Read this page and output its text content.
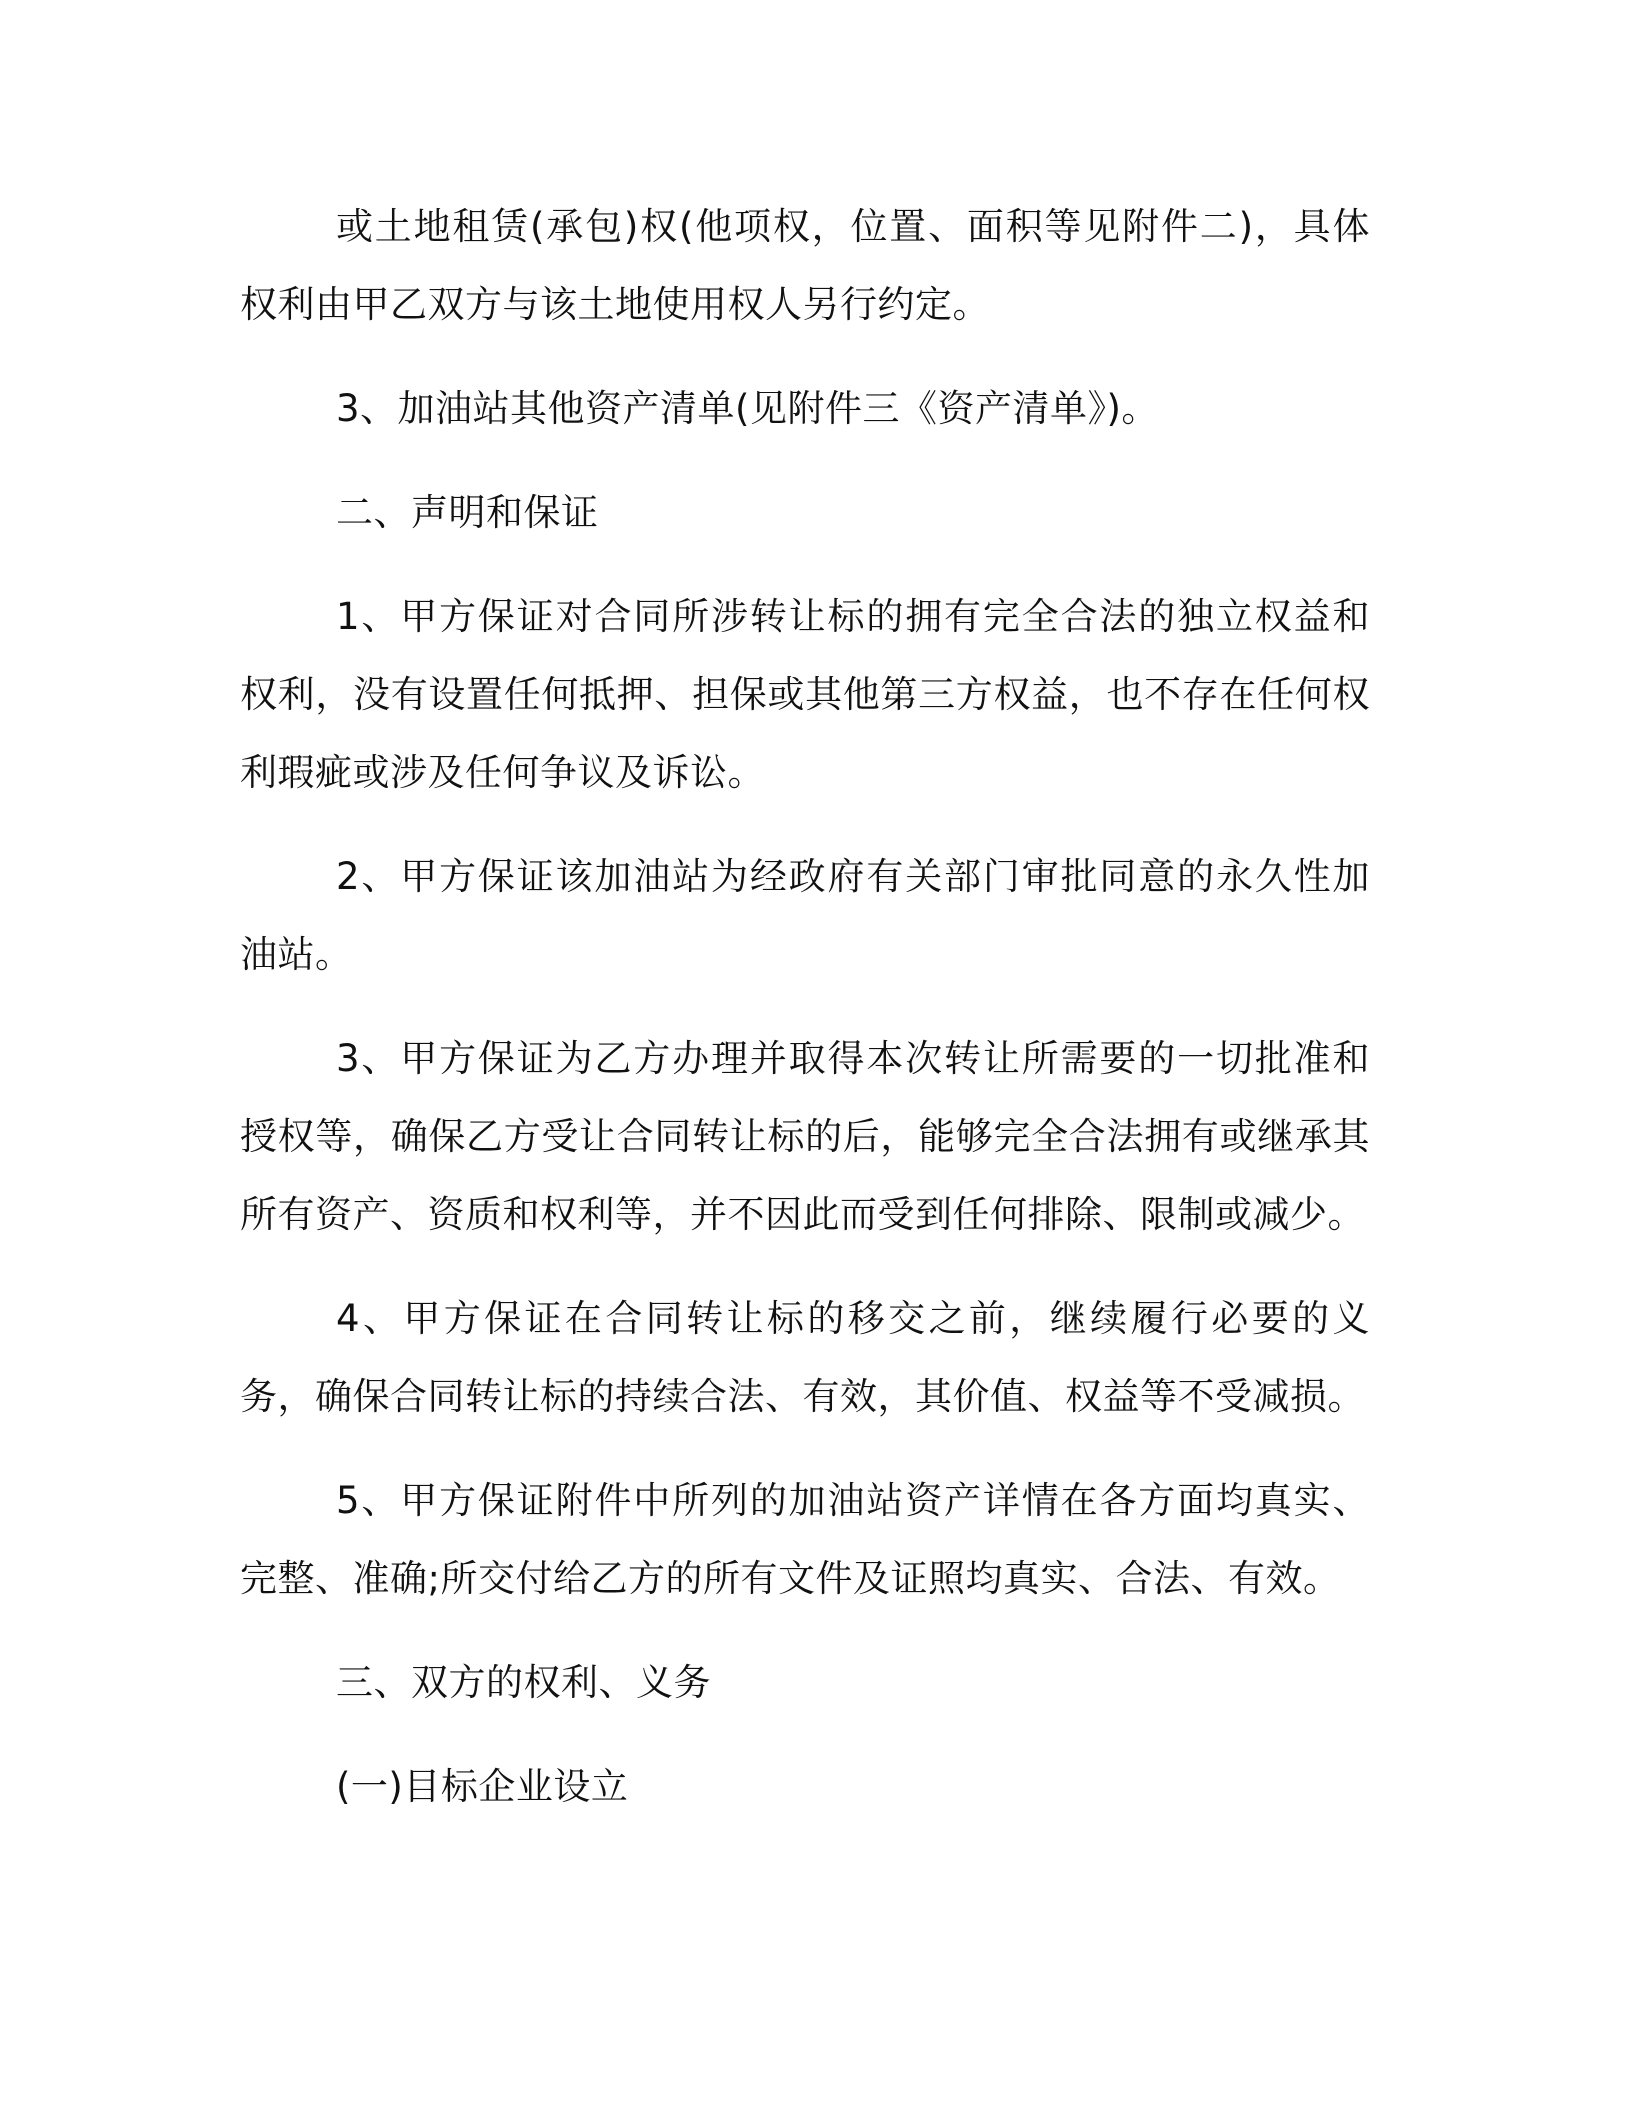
或土地租赁(承包)权(他项权，位置、面积等见附件二)，具体权利由甲乙双方与该土地使用权人另行约定。

3、加油站其他资产清单(见附件三《资产清单》)。

二、声明和保证

1、甲方保证对合同所涉转让标的拥有完全合法的独立权益和权利，没有设置任何抵押、担保或其他第三方权益，也不存在任何权利瑕疵或涉及任何争议及诉讼。

2、甲方保证该加油站为经政府有关部门审批同意的永久性加油站。

3、甲方保证为乙方办理并取得本次转让所需要的一切批准和授权等，确保乙方受让合同转让标的后，能够完全合法拥有或继承其所有资产、资质和权利等，并不因此而受到任何排除、限制或减少。

4、甲方保证在合同转让标的移交之前，继续履行必要的义务，确保合同转让标的持续合法、有效，其价值、权益等不受减损。

5、甲方保证附件中所列的加油站资产详情在各方面均真实、完整、准确;所交付给乙方的所有文件及证照均真实、合法、有效。

三、双方的权利、义务

(一)目标企业设立
